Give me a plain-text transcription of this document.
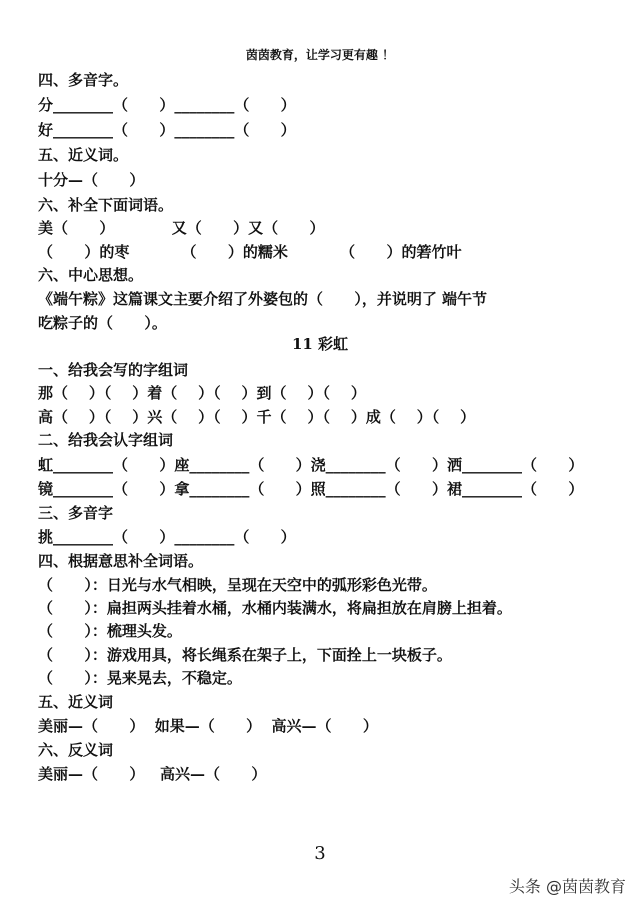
茵茵教育，让学习更有趣 ！
四、多音字。
分________（      ）________（      ）
好________（      ）________（      ）
五、近义词。
十分—（      ）
六、补全下面词语。
美（      ）           又（      ）又（      ）
（      ）的枣          （      ）的糯米          （      ）的箬竹叶
六、中心思想。
《端午粽》这篇课文主要介绍了外婆包的（      ），并说明了 端午节
吃粽子的（      ）。
11 彩虹
一、给我会写的字组词
那（    ）（    ）着（    ）（    ）到（    ）（    ）
高（    ）（    ）兴（    ）（    ）千（    ）（    ）成（    ）（    ）
二、给我会认字组词
虹________（      ）座________（      ）浇________（      ）洒________（      ）
镜________（      ）拿________（      ）照________（      ）裙________（      ）
三、多音字
挑________（      ）________（      ）
四、根据意思补全词语。
（      ）：日光与水气相映，呈现在天空中的弧形彩色光带。
（      ）：扁担两头挂着水桶，水桶内装满水，将扁担放在肩膀上担着。
（      ）：梳理头发。
（      ）：游戏用具，将长绳系在架子上，下面拴上一块板子。
（      ）：晃来晃去，不稳定。
五、近义词
美丽—（      ）  如果—（      ）  高兴—（      ）
六、反义词
美丽—（      ）   高兴—（      ）
3
头条 @茵茵教育
